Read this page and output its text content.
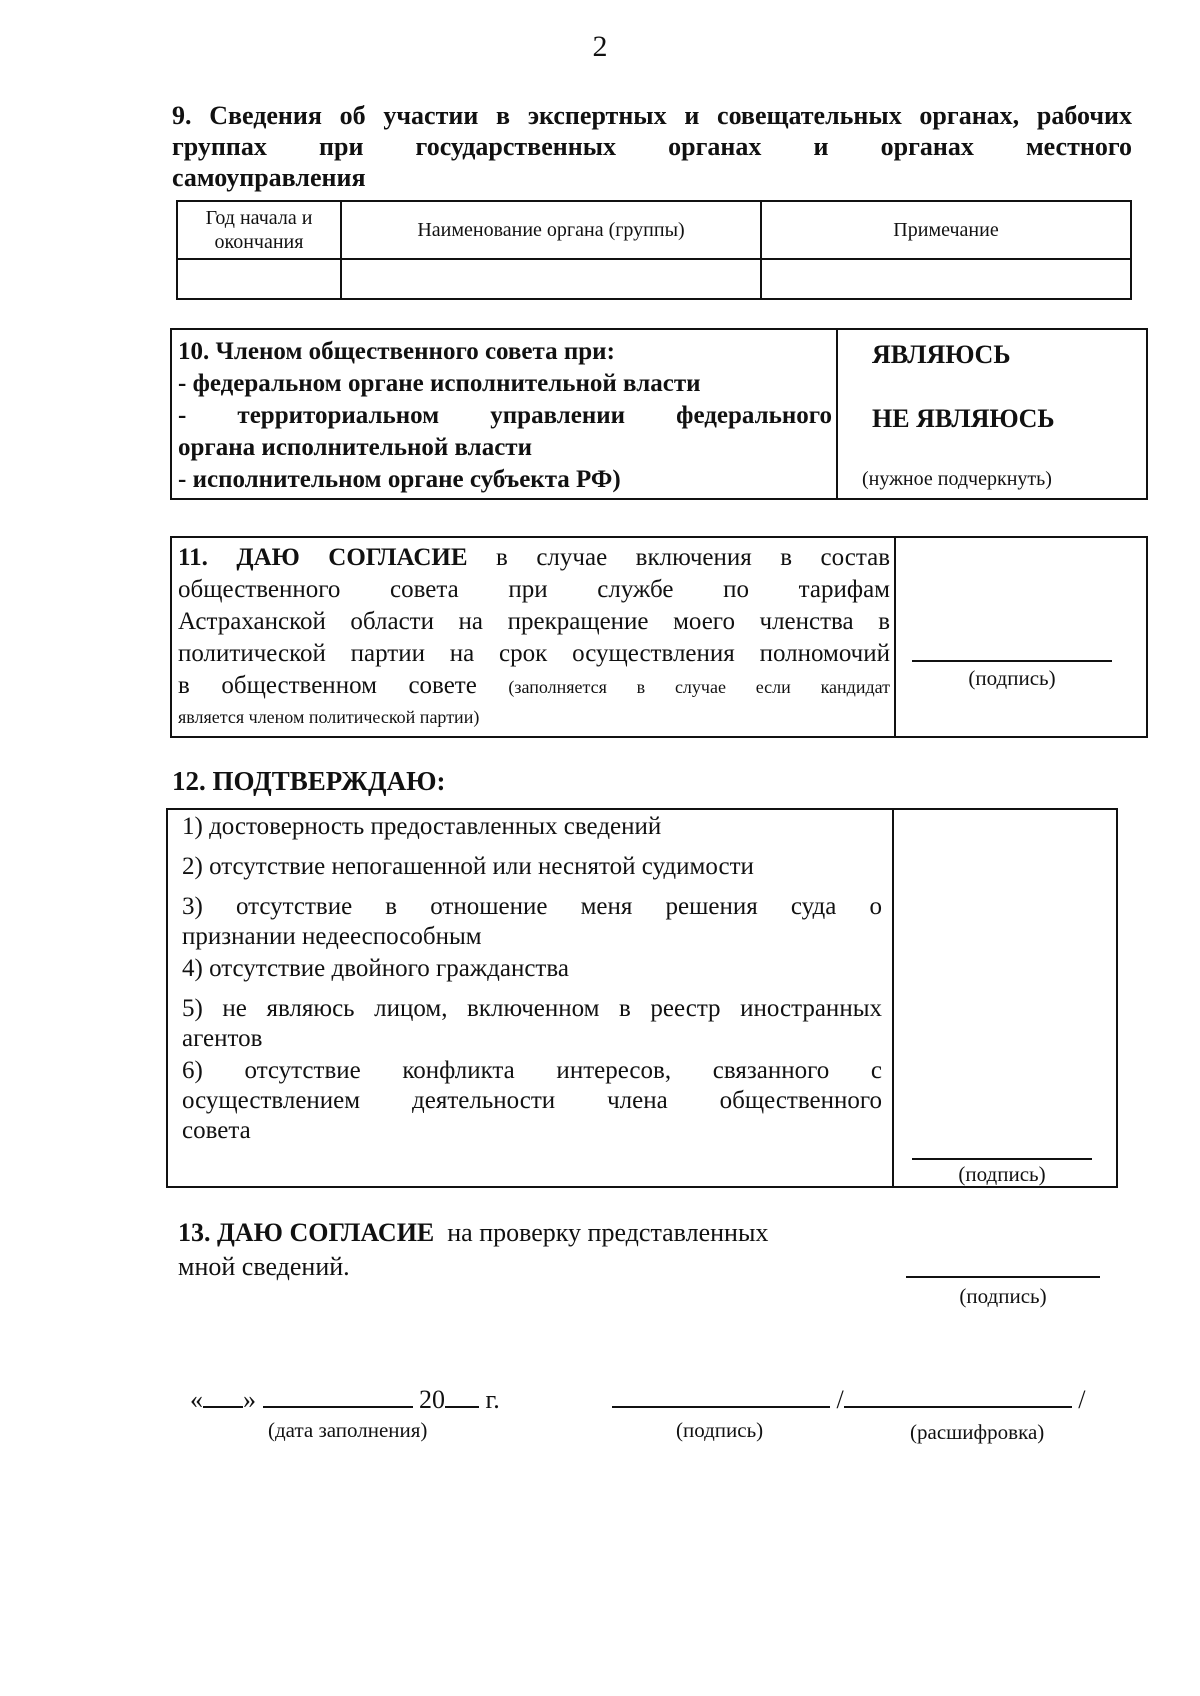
2
9. Сведения об участии в экспертных и совещательных органах, рабочих
группах при государственных органах и органах местного
самоуправления
Год начала и окончания	Наименование органа (группы)	Примечание

10. Членом общественного совета при:
- федеральном органе исполнительной власти
- территориальном управлении федерального
органа исполнительной власти
- исполнительном органе субъекта РФ)
ЯВЛЯЮСЬ
НЕ ЯВЛЯЮСЬ
(нужное подчеркнуть)
11. ДАЮ СОГЛАСИЕ в случае включения в состав
общественного совета при службе по тарифам
Астраханской области на прекращение моего членства в
политической партии на срок осуществления полномочий
в общественном совете (заполняется в случае если кандидат
является членом политической партии)
(подпись)
12. ПОДТВЕРЖДАЮ:
1) достоверность предоставленных сведений
2) отсутствие непогашенной или неснятой судимости
3) отсутствие в отношение меня решения суда о
признании недееспособным
4) отсутствие двойного гражданства
5) не являюсь лицом, включенном в реестр иностранных
агентов
6) отсутствие конфликта интересов, связанного с
осуществлением деятельности члена общественного
совета
(подпись)
13. ДАЮ СОГЛАСИЕ на проверку представленных
мной сведений.
(подпись)
« »	20 г.	/	/
(дата заполнения)	(подпись)	(расшифровка)
